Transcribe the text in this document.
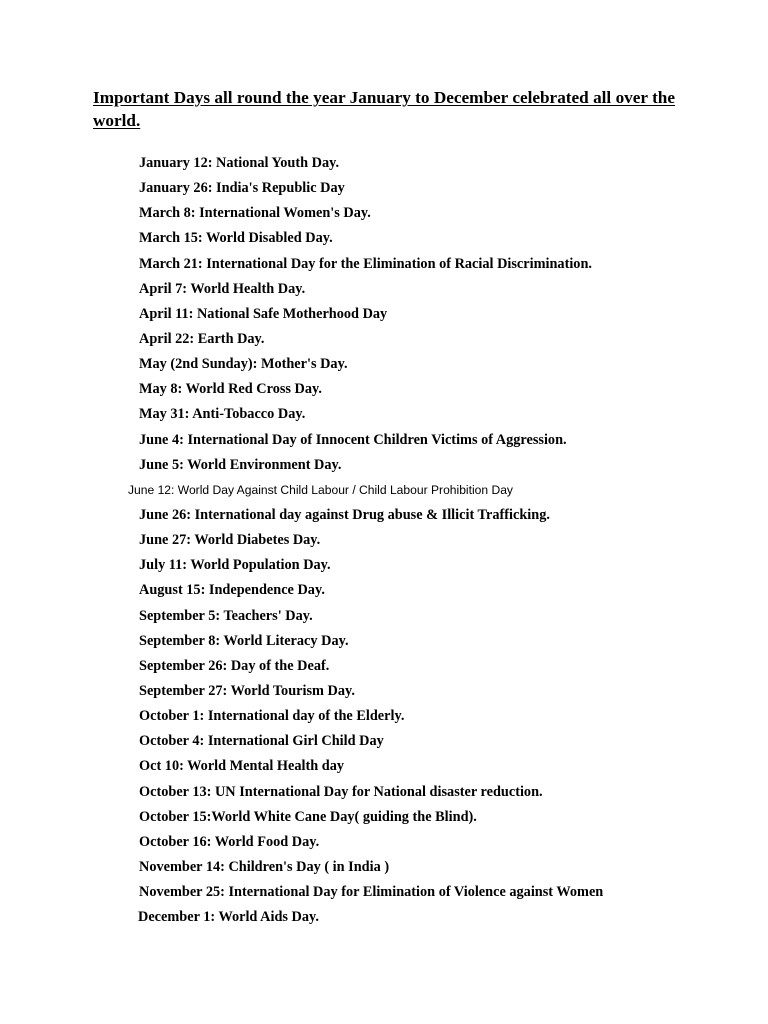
Important Days all round the year January to December celebrated all over the world.
January 12: National Youth Day.
January 26: India's Republic Day
March 8: International Women's Day.
March 15: World Disabled Day.
March 21: International Day for the Elimination of Racial Discrimination.
April 7: World Health Day.
April 11: National Safe Motherhood Day
April 22: Earth Day.
May (2nd Sunday): Mother's Day.
May 8: World Red Cross Day.
May 31: Anti-Tobacco Day.
June 4: International Day of Innocent Children Victims of Aggression.
June 5: World Environment Day.
June 12: World Day Against Child Labour / Child Labour Prohibition Day
June 26: International day against Drug abuse & Illicit Trafficking.
June 27: World Diabetes Day.
July 11: World Population Day.
August 15: Independence Day.
September 5: Teachers' Day.
September 8: World Literacy Day.
September 26: Day of the Deaf.
September 27: World Tourism Day.
October 1: International day of the Elderly.
October 4: International Girl Child Day
Oct 10: World Mental Health day
October 13: UN International Day for National disaster reduction.
October 15:World White Cane Day( guiding the Blind).
October 16: World Food Day.
November 14: Children's Day ( in India )
November 25: International Day for Elimination of Violence against Women
December 1: World Aids Day.
